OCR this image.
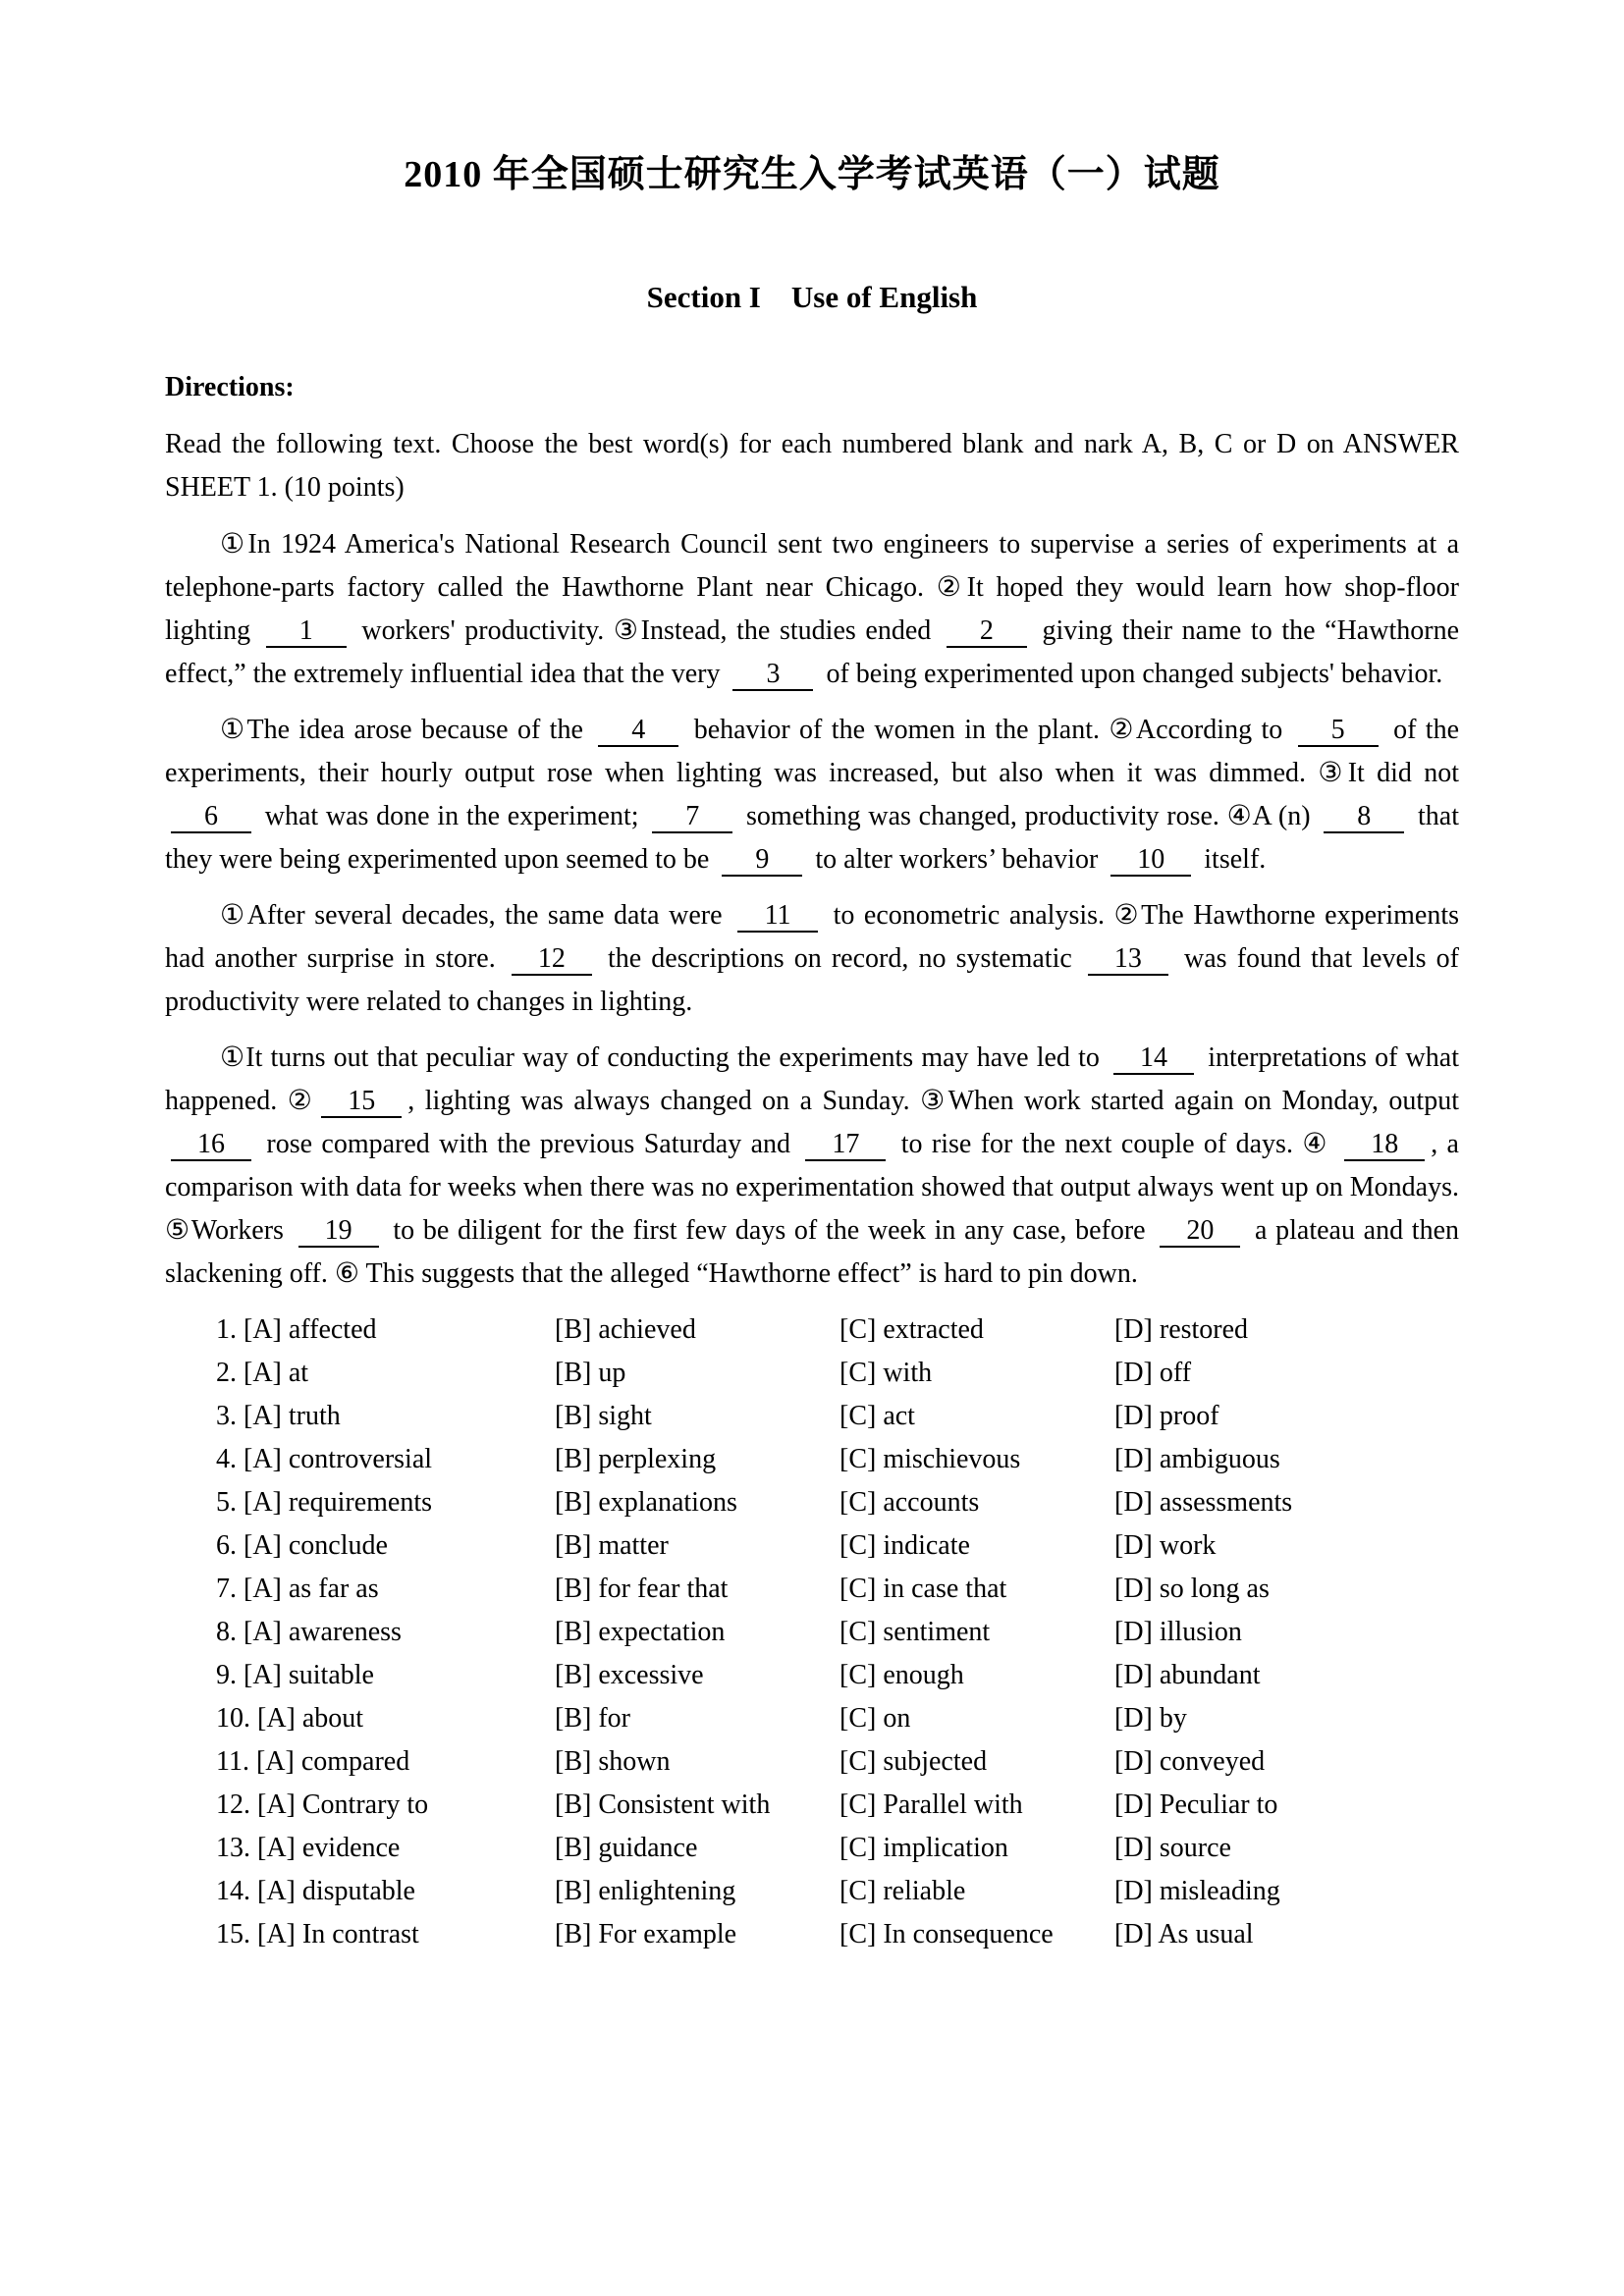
2010 年全国硕士研究生入学考试英语（一）试题
Section I    Use of English

Directions:

Read the following text. Choose the best word(s) for each numbered blank and nark A, B, C or D on ANSWER SHEET 1. (10 points)

①In 1924 America's National Research Council sent two engineers to supervise a series of experiments at a telephone-parts factory called the Hawthorne Plant near Chicago. ②It hoped they would learn how shop-floor lighting 1 workers' productivity. ③Instead, the studies ended 2 giving their name to the “Hawthorne effect,” the extremely influential idea that the very 3 of being experimented upon changed subjects' behavior.

①The idea arose because of the 4 behavior of the women in the plant. ②According to 5 of the experiments, their hourly output rose when lighting was increased, but also when it was dimmed. ③It did not 6 what was done in the experiment; 7 something was changed, productivity rose. ④A (n) 8 that they were being experimented upon seemed to be 9 to alter workers’ behavior 10 itself.

①After several decades, the same data were 11 to econometric analysis. ②The Hawthorne experiments had another surprise in store. 12 the descriptions on record, no systematic 13 was found that levels of productivity were related to changes in lighting.

①It turns out that peculiar way of conducting the experiments may have led to 14 interpretations of what happened. ② 15 , lighting was always changed on a Sunday. ③When work started again on Monday, output 16 rose compared with the previous Saturday and 17 to rise for the next couple of days. ④ 18 , a comparison with data for weeks when there was no experimentation showed that output always went up on Mondays. ⑤Workers 19 to be diligent for the first few days of the week in any case, before 20 a plateau and then slackening off. ⑥ This suggests that the alleged “Hawthorne effect” is hard to pin down.

1. [A] affected	[B] achieved	[C] extracted	[D] restored
2. [A] at	[B] up	[C] with	[D] off
3. [A] truth	[B] sight	[C] act	[D] proof
4. [A] controversial	[B] perplexing	[C] mischievous	[D] ambiguous
5. [A] requirements	[B] explanations	[C] accounts	[D] assessments
6. [A] conclude	[B] matter	[C] indicate	[D] work
7. [A] as far as	[B] for fear that	[C] in case that	[D] so long as
8. [A] awareness	[B] expectation	[C] sentiment	[D] illusion
9. [A] suitable	[B] excessive	[C] enough	[D] abundant
10. [A] about	[B] for	[C] on	[D] by
11. [A] compared	[B] shown	[C] subjected	[D] conveyed
12. [A] Contrary to	[B] Consistent with	[C] Parallel with	[D] Peculiar to
13. [A] evidence	[B] guidance	[C] implication	[D] source
14. [A] disputable	[B] enlightening	[C] reliable	[D] misleading
15. [A] In contrast	[B] For example	[C] In consequence	[D] As usual
